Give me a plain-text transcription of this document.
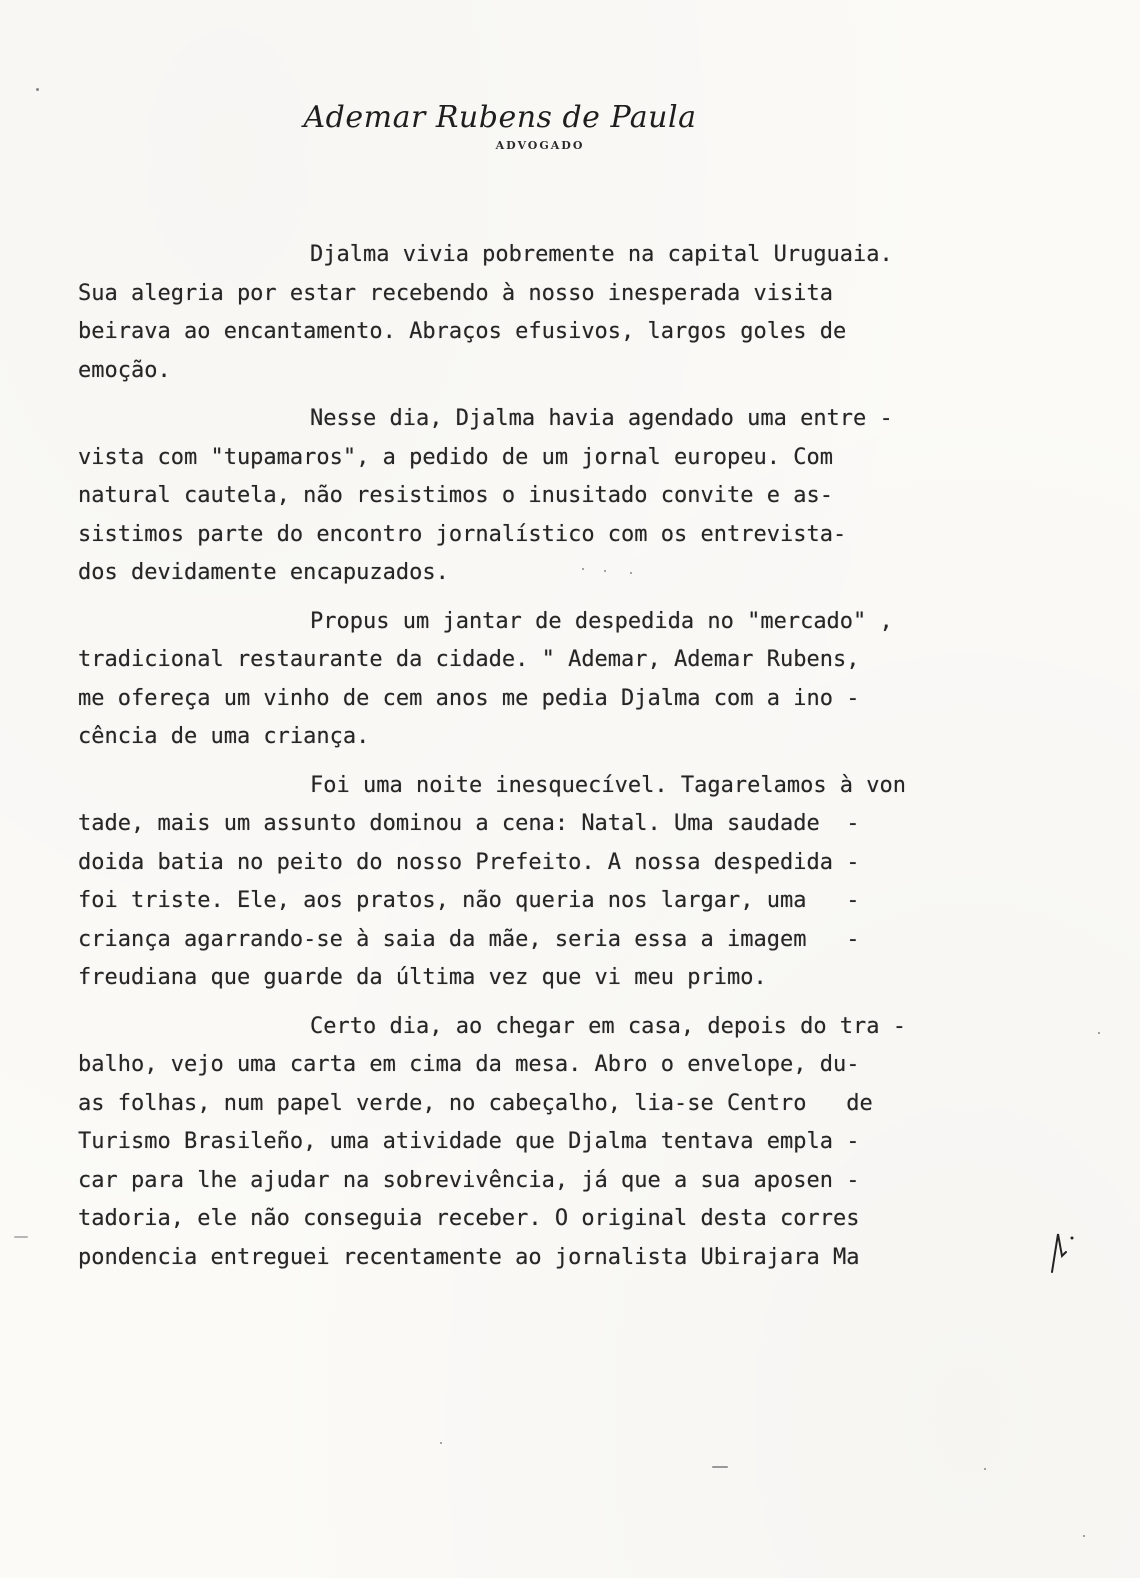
Ademar Rubens de Paula
ADVOGADO
Djalma vivia pobremente na capital Uruguaia.
Sua alegria por estar recebendo à nosso inesperada visita
beirava ao encantamento. Abraços efusivos, largos goles de
emoção.
Nesse dia, Djalma havia agendado uma entre -
vista com "tupamaros", a pedido de um jornal europeu. Com
natural cautela, não resistimos o inusitado convite e as-
sistimos parte do encontro jornalístico com os entrevista-
dos devidamente encapuzados.
Propus um jantar de despedida no "mercado" ,
tradicional restaurante da cidade. " Ademar, Ademar Rubens,
me ofereça um vinho de cem anos me pedia Djalma com a ino -
cência de uma criança.
Foi uma noite inesquecível. Tagarelamos à von
tade, mais um assunto dominou a cena: Natal. Uma saudade  -
doida batia no peito do nosso Prefeito. A nossa despedida -
foi triste. Ele, aos pratos, não queria nos largar, uma   -
criança agarrando-se à saia da mãe, seria essa a imagem   -
freudiana que guarde da última vez que vi meu primo.
Certo dia, ao chegar em casa, depois do tra -
balho, vejo uma carta em cima da mesa. Abro o envelope, du-
as folhas, num papel verde, no cabeçalho, lia-se Centro   de
Turismo Brasileño, uma atividade que Djalma tentava empla -
car para lhe ajudar na sobrevivência, já que a sua aposen -
tadoria, ele não conseguia receber. O original desta corres
pondencia entreguei recentamente ao jornalista Ubirajara Ma
